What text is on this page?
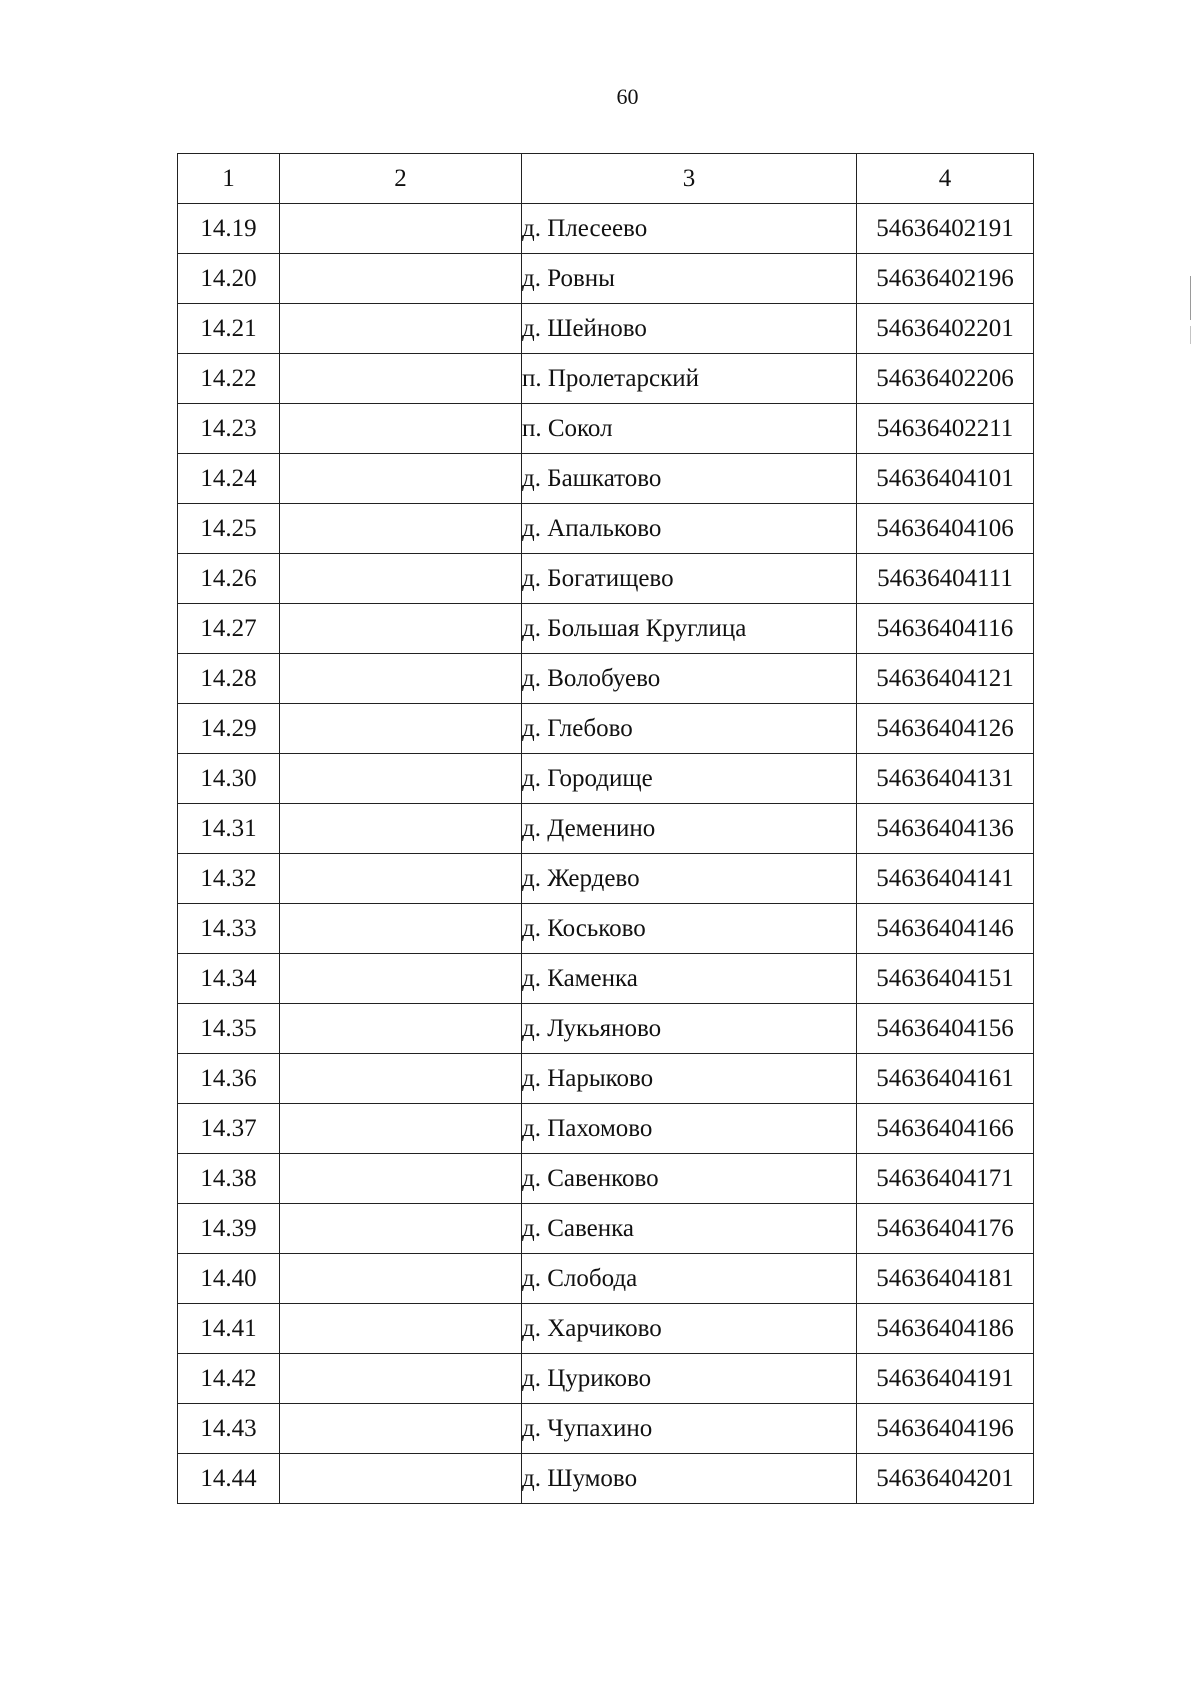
60
1	2	3	4
14.19		д. Плесеево	54636402191
14.20		д. Ровны	54636402196
14.21		д. Шейново	54636402201
14.22		п. Пролетарский	54636402206
14.23		п. Сокол	54636402211
14.24		д. Башкатово	54636404101
14.25		д. Апальково	54636404106
14.26		д. Богатищево	54636404111
14.27		д. Большая Круглица	54636404116
14.28		д. Волобуево	54636404121
14.29		д. Глебово	54636404126
14.30		д. Городище	54636404131
14.31		д. Деменино	54636404136
14.32		д. Жердево	54636404141
14.33		д. Коськово	54636404146
14.34		д. Каменка	54636404151
14.35		д. Лукьяново	54636404156
14.36		д. Нарыково	54636404161
14.37		д. Пахомово	54636404166
14.38		д. Савенково	54636404171
14.39		д. Савенка	54636404176
14.40		д. Слобода	54636404181
14.41		д. Харчиково	54636404186
14.42		д. Цуриково	54636404191
14.43		д. Чупахино	54636404196
14.44		д. Шумово	54636404201
